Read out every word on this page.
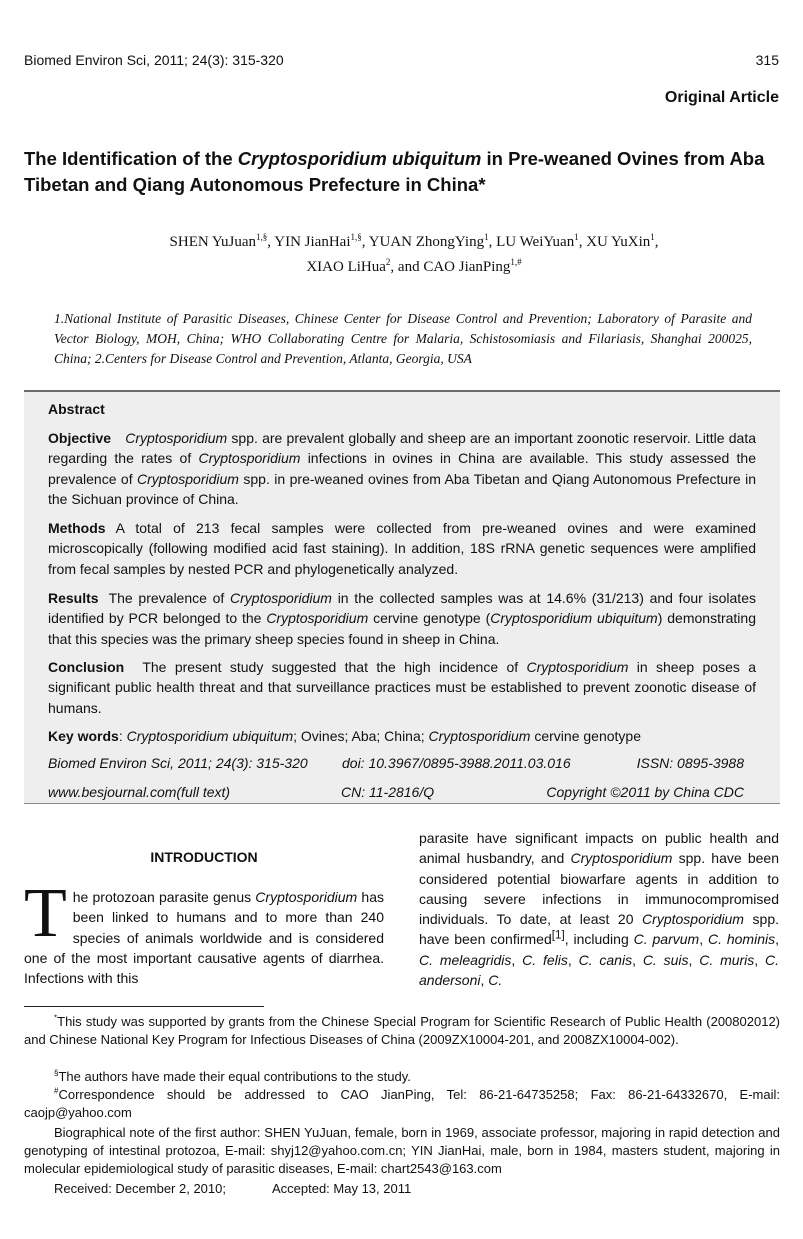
Biomed Environ Sci, 2011; 24(3): 315-320	315
Original Article
The Identification of the Cryptosporidium ubiquitum in Pre-weaned Ovines from Aba Tibetan and Qiang Autonomous Prefecture in China*
SHEN YuJuan$^{1,\S}$, YIN JianHai$^{1,\S}$, YUAN ZhongYing$^1$, LU WeiYuan$^1$, XU YuXin$^1$,
XIAO LiHua$^2$, and CAO JianPing$^{1,\#}$
1.National Institute of Parasitic Diseases, Chinese Center for Disease Control and Prevention; Laboratory of Parasite and Vector Biology, MOH, China; WHO Collaborating Centre for Malaria, Schistosomiasis and Filariasis, Shanghai 200025, China; 2.Centers for Disease Control and Prevention, Atlanta, Georgia, USA
Abstract
Objective Cryptosporidium spp. are prevalent globally and sheep are an important zoonotic reservoir. Little data regarding the rates of Cryptosporidium infections in ovines in China are available. This study assessed the prevalence of Cryptosporidium spp. in pre-weaned ovines from Aba Tibetan and Qiang Autonomous Prefecture in the Sichuan province of China.
Methods A total of 213 fecal samples were collected from pre-weaned ovines and were examined microscopically (following modified acid fast staining). In addition, 18S rRNA genetic sequences were amplified from fecal samples by nested PCR and phylogenetically analyzed.
Results The prevalence of Cryptosporidium in the collected samples was at 14.6% (31/213) and four isolates identified by PCR belonged to the Cryptosporidium cervine genotype (Cryptosporidium ubiquitum) demonstrating that this species was the primary sheep species found in sheep in China.
Conclusion The present study suggested that the high incidence of Cryptosporidium in sheep poses a significant public health threat and that surveillance practices must be established to prevent zoonotic disease of humans.
Key words: Cryptosporidium ubiquitum; Ovines; Aba; China; Cryptosporidium cervine genotype
Biomed Environ Sci, 2011; 24(3): 315-320 doi: 10.3967/0895-3988.2011.03.016	ISSN: 0895-3988
www.besjournal.com(full text)	CN: 11-2816/Q	Copyright ©2011 by China CDC
INTRODUCTION
The protozoan parasite genus Cryptosporidium has been linked to humans and to more than 240 species of animals worldwide and is considered one of the most important causative agents of diarrhea. Infections with this
parasite have significant impacts on public health and animal husbandry, and Cryptosporidium spp. have been considered potential biowarfare agents in addition to causing severe infections in immunocompromised individuals. To date, at least 20 Cryptosporidium spp. have been confirmed[1], including C. parvum, C. hominis, C. meleagridis, C. felis, C. canis, C. suis, C. muris, C. andersoni, C.
*This study was supported by grants from the Chinese Special Program for Scientific Research of Public Health (200802012) and Chinese National Key Program for Infectious Diseases of China (2009ZX10004-201, and 2008ZX10004-002).
§The authors have made their equal contributions to the study.
#Correspondence should be addressed to CAO JianPing, Tel: 86-21-64735258; Fax: 86-21-64332670, E-mail: caojp@yahoo.com
Biographical note of the first author: SHEN YuJuan, female, born in 1969, associate professor, majoring in rapid detection and genotyping of intestinal protozoa, E-mail: shyj12@yahoo.com.cn; YIN JianHai, male, born in 1984, masters student, majoring in molecular epidemiological study of parasitic diseases, E-mail: chart2543@163.com
Received: December 2, 2010;	Accepted: May 13, 2011
